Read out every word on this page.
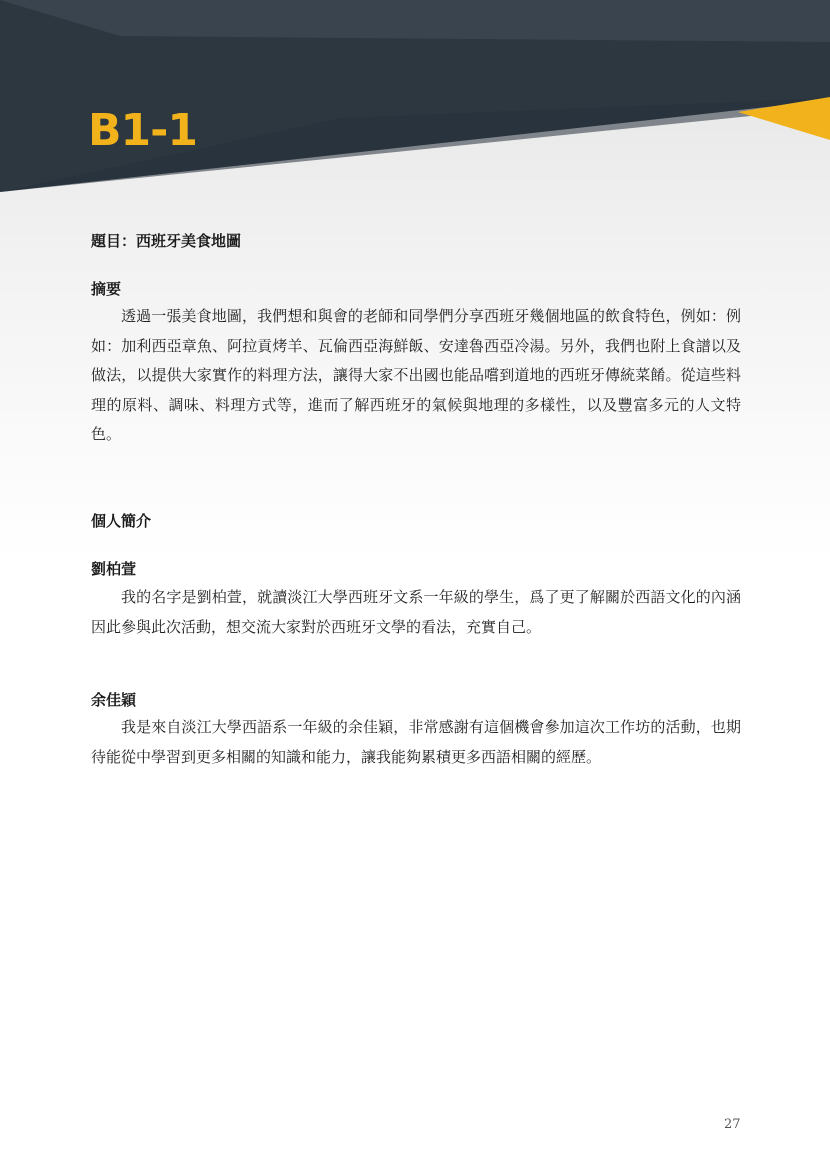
B1-1
題目：西班牙美食地圖
摘要

透過一張美食地圖，我們想和與會的老師和同學們分享西班牙幾個地區的飲食特色，例如：例如：加利西亞章魚、阿拉貢烤羊、瓦倫西亞海鮮飯、安達魯西亞冷湯。另外，我們也附上食譜以及做法，以提供大家實作的料理方法，讓得大家不出國也能品嚐到道地的西班牙傳統菜餚。從這些料理的原料、調味、料理方式等，進而了解西班牙的氣候與地理的多樣性，以及豐富多元的人文特色。

個人簡介
劉柏萱

我的名字是劉柏萱，就讀淡江大學西班牙文系一年級的學生，爲了更了解關於西語文化的內涵因此參與此次活動，想交流大家對於西班牙文學的看法，充實自己。

余佳穎

我是來自淡江大學西語系一年級的余佳穎，非常感謝有這個機會參加這次工作坊的活動，也期待能從中學習到更多相關的知識和能力，讓我能夠累積更多西語相關的經歷。

27
